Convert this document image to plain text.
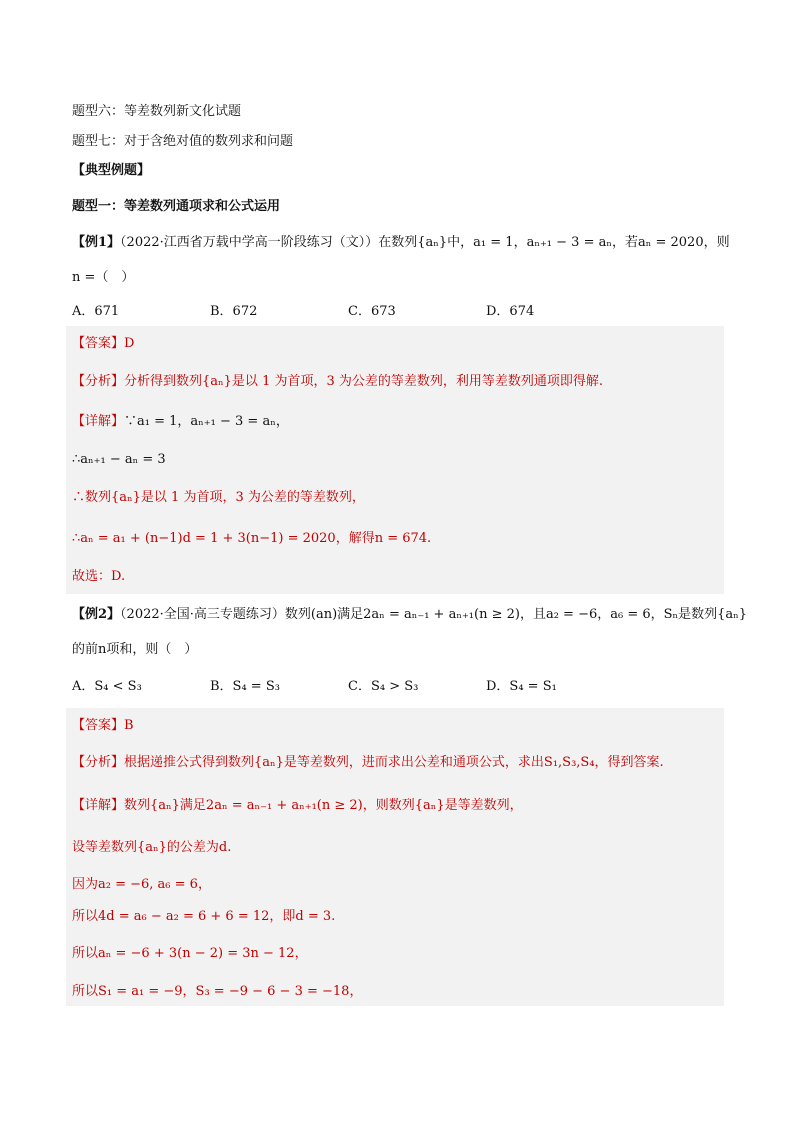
题型六：等差数列新文化试题
题型七：对于含绝对值的数列求和问题
【典型例题】
题型一：等差数列通项求和公式运用
【例1】（2022·江西省万载中学高一阶段练习（文））在数列{aₙ}中，a₁ = 1，aₙ₊₁ − 3 = aₙ，若aₙ = 2020，则
n =（　）
A．671	B．672	C．673	D．674
【答案】D
【分析】分析得到数列{aₙ}是以 1 为首项，3 为公差的等差数列，利用等差数列通项即得解.
【详解】∵a₁ = 1，aₙ₊₁ − 3 = aₙ，
∴aₙ₊₁ − aₙ = 3
∴数列{aₙ}是以 1 为首项，3 为公差的等差数列，
∴aₙ = a₁ + (n−1)d = 1 + 3(n−1) = 2020，解得n = 674.
故选：D.
【例2】（2022·全国·高三专题练习）数列(an)满足2aₙ = aₙ₋₁ + aₙ₊₁(n ≥ 2)，且a₂ = −6，a₆ = 6，Sₙ是数列{aₙ}
的前n项和，则（　）
A．S₄ < S₃	B．S₄ = S₃	C．S₄ > S₃	D．S₄ = S₁
【答案】B
【分析】根据递推公式得到数列{aₙ}是等差数列，进而求出公差和通项公式，求出S₁,S₃,S₄，得到答案.
【详解】数列{aₙ}满足2aₙ = aₙ₋₁ + aₙ₊₁(n ≥ 2)，则数列{aₙ}是等差数列，
设等差数列{aₙ}的公差为d.
因为a₂ = −6, a₆ = 6，
所以4d = a₆ − a₂ = 6 + 6 = 12，即d = 3.
所以aₙ = −6 + 3(n − 2) = 3n − 12，
所以S₁ = a₁ = −9，S₃ = −9 − 6 − 3 = −18，
